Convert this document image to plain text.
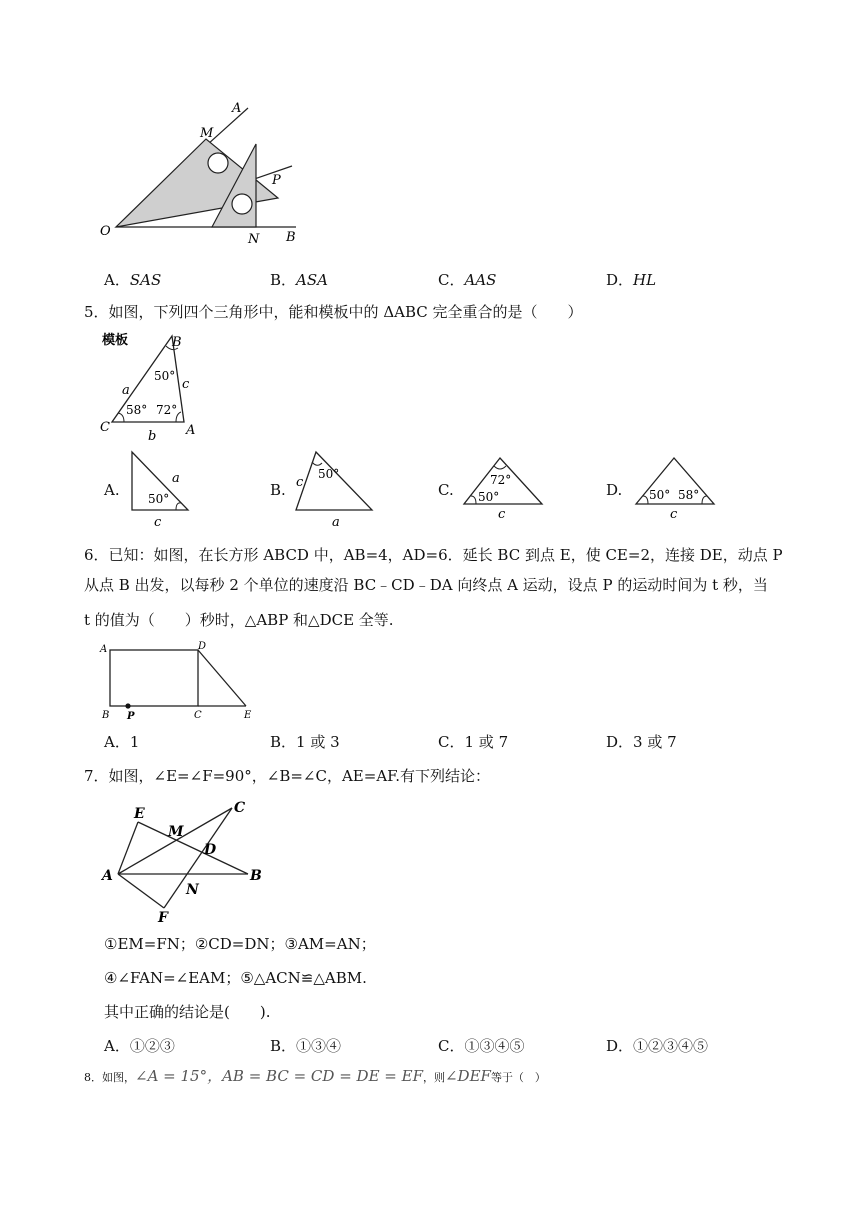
A
M
P
O
N B
A．SAS	B．ASA	C．AAS	D．HL
5．如图，下列四个三角形中，能和模板中的 ΔABC 完全重合的是（　　）
模板	B
C	A
a
b
c
50°
58° 72°
A.
a
c
50°	B. c
a
50°
C.
72°
50°
c
D. 50° 58°
c
6．已知：如图，在长方形 ABCD 中，AB=4，AD=6．延长 BC 到点 E，使 CE=2，连接 DE，动点 P
从点 B 出发，以每秒 2 个单位的速度沿 BC﹣CD﹣DA 向终点 A 运动，设点 P 的运动时间为 t 秒，当
t 的值为（　　）秒时，△ABP 和△DCE 全等.
A	D
B P	C	E
A．1	B．1 或 3	C．1 或 7	D．3 或 7
7．如图，∠E=∠F=90°，∠B=∠C，AE=AF.有下列结论：
E
M
C
D
A	B
N
F
①EM=FN；②CD=DN；③AM=AN；
④∠FAN=∠EAM；⑤△ACN≌△ABM.
其中正确的结论是(　　).
A．①②③	B．①③④	C．①③④⑤	D．①②③④⑤
8．如图，∠A = 15°，AB = BC = CD = DE = EF，则∠DEF等于（　）
